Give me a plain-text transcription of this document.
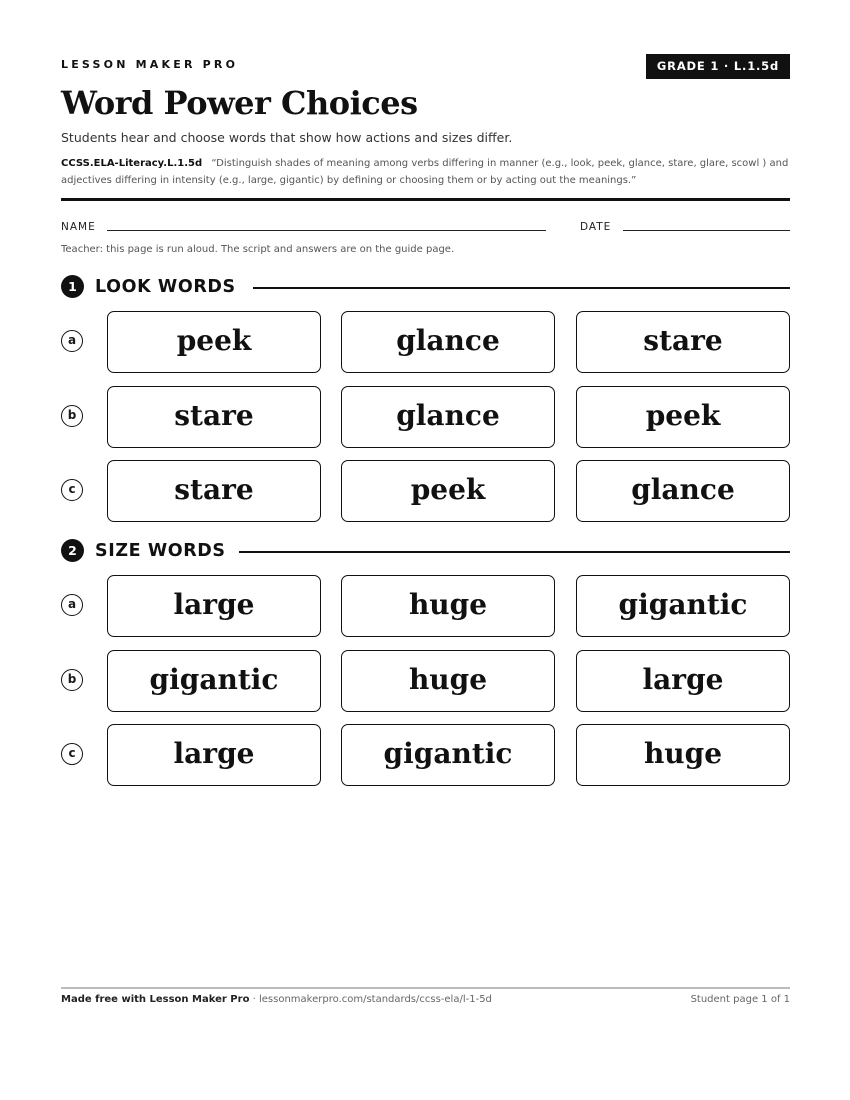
LESSON MAKER PRO	GRADE 1 · L.1.5d
Word Power Choices
Students hear and choose words that show how actions and sizes differ.
CCSS.ELA-Literacy.L.1.5d “Distinguish shades of meaning among verbs differing in manner (e.g., look, peek, glance, stare, glare, scowl ) and adjectives differing in intensity (e.g., large, gigantic) by defining or choosing them or by acting out the meanings.”
NAME	DATE
Teacher: this page is run aloud. The script and answers are on the guide page.
1	LOOK WORDS
a	peek	glance	stare
b	stare	glance	peek
c	stare	peek	glance
2	SIZE WORDS
a	large	huge	gigantic
b	gigantic	huge	large
c	large	gigantic	huge
Made free with Lesson Maker Pro · lessonmakerpro.com/standards/ccss-ela/l-1-5d	Student page 1 of 1
